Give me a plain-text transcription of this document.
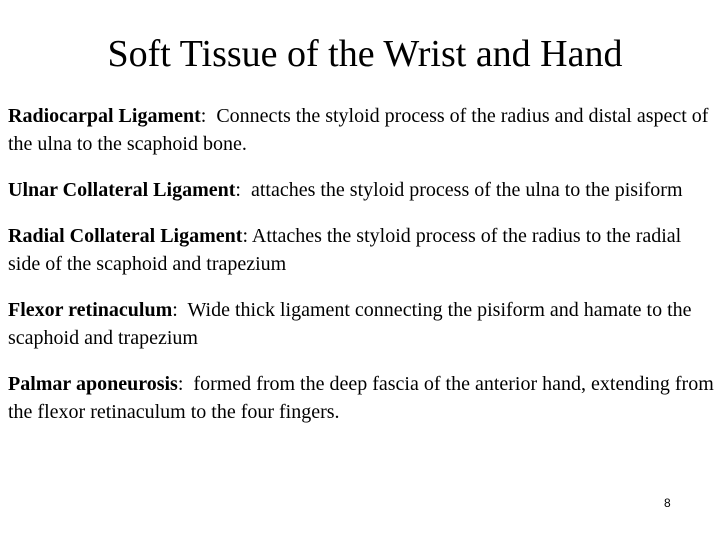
Soft Tissue of the Wrist and Hand
Radiocarpal Ligament:  Connects the styloid process of the radius and distal aspect of the ulna to the scaphoid bone.
Ulnar Collateral Ligament:  attaches the styloid process of the ulna to the pisiform
Radial Collateral Ligament: Attaches the styloid process of the radius to the radial side of the scaphoid and trapezium
Flexor retinaculum:  Wide thick ligament connecting the pisiform and hamate to the scaphoid and trapezium
Palmar aponeurosis:  formed from the deep fascia of the anterior hand, extending from the flexor retinaculum to the four fingers.
8
